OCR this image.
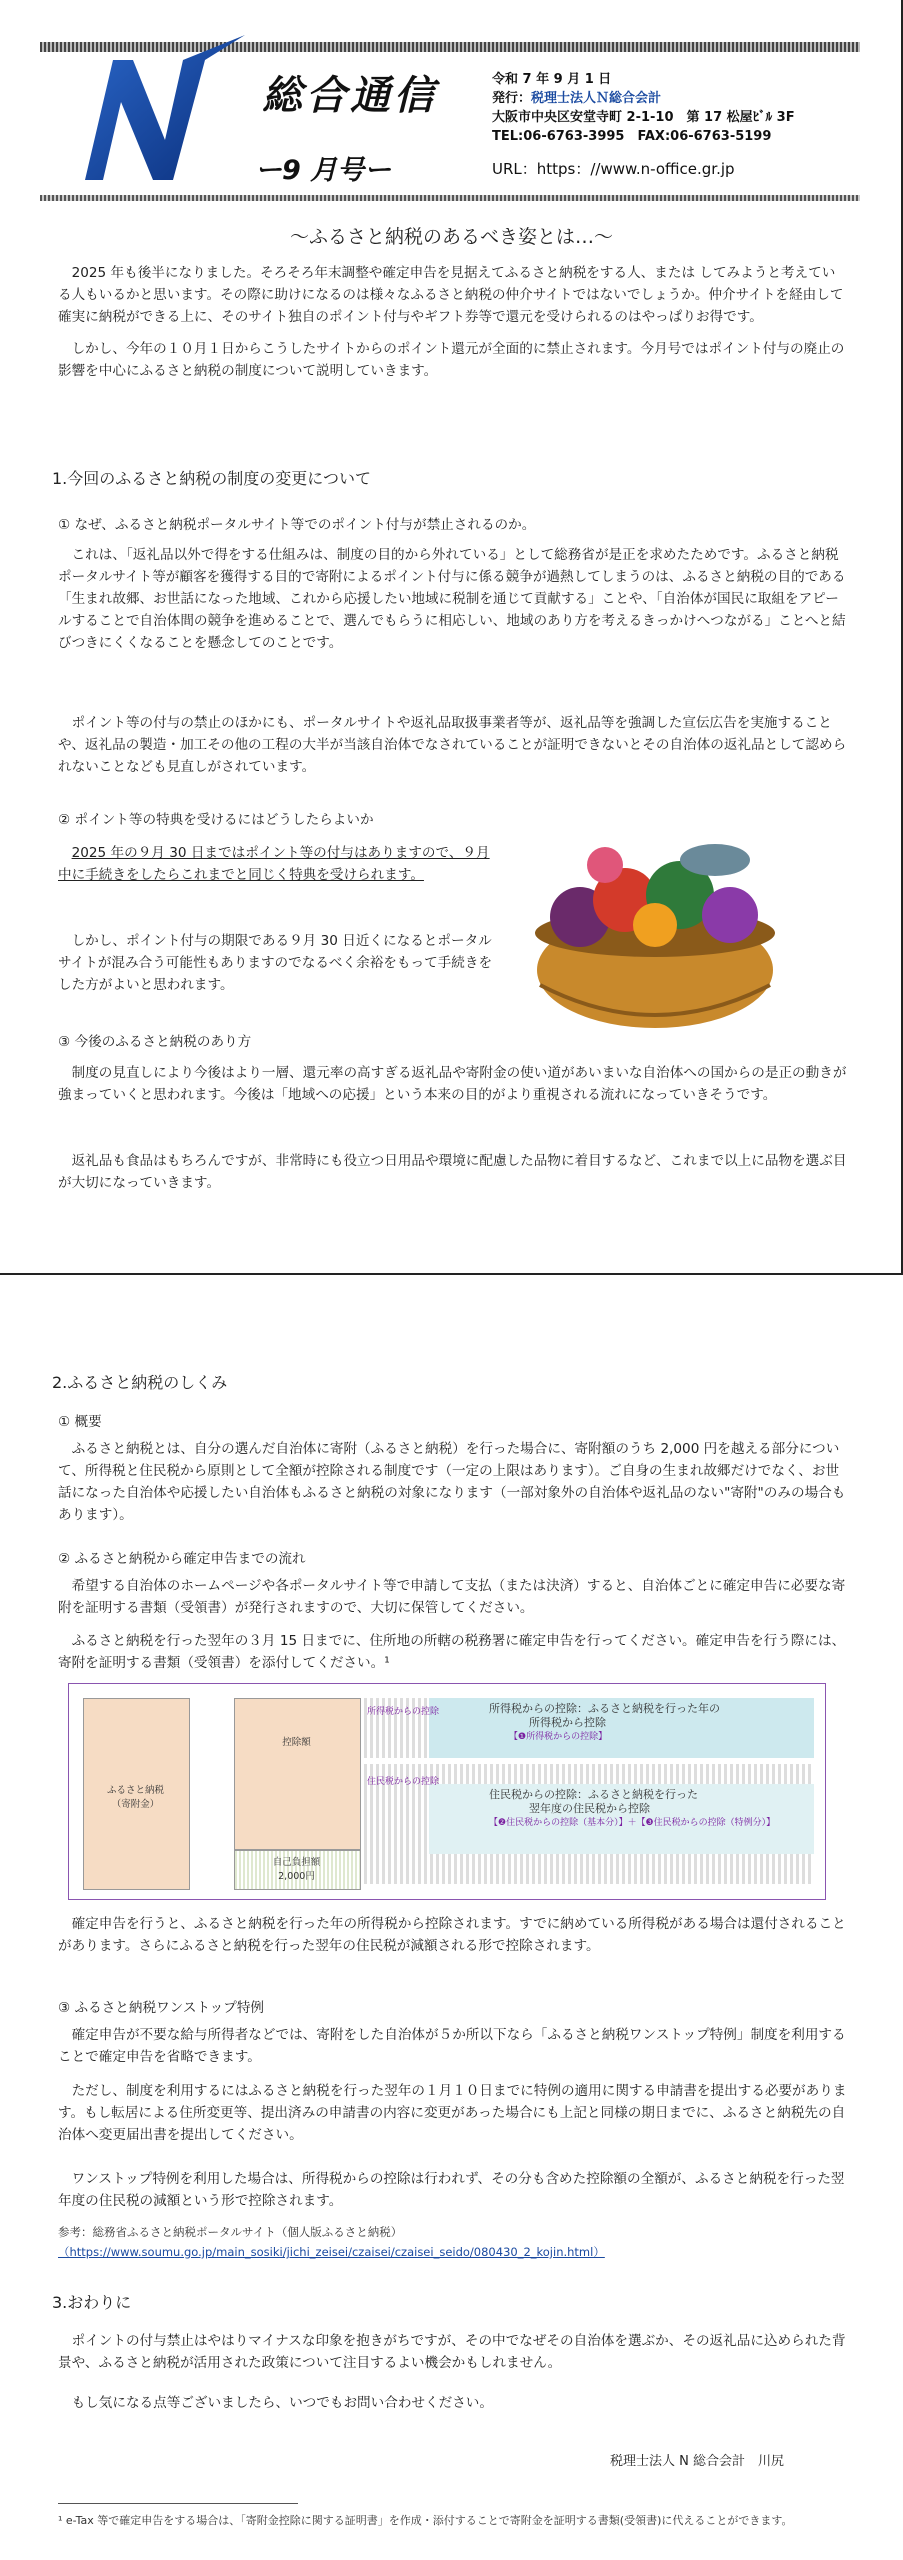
総合通信
ー9 月号ー
令和 7 年 9 月 1 日
発行：税理士法人Ｎ総合会計
大阪市中央区安堂寺町 2-1-10　第 17 松屋ﾋﾞﾙ 3F
TEL:06-6763-3995　FAX:06-6763-5199
URL：https：//www.n-office.gr.jp
～ふるさと納税のあるべき姿とは…～

2025 年も後半になりました。そろそろ年末調整や確定申告を見据えてふるさと納税をする人、または してみようと考えている人もいるかと思います。その際に助けになるのは様々なふるさと納税の仲介サイトではないでしょうか。仲介サイトを経由して確実に納税ができる上に、そのサイト独自のポイント付与やギフト券等で還元を受けられるのはやっぱりお得です。

しかし、今年の１０月１日からこうしたサイトからのポイント還元が全面的に禁止されます。今月号ではポイント付与の廃止の影響を中心にふるさと納税の制度について説明していきます。

1.今回のふるさと納税の制度の変更について
① なぜ、ふるさと納税ポータルサイト等でのポイント付与が禁止されるのか。

これは、「返礼品以外で得をする仕組みは、制度の目的から外れている」として総務省が是正を求めたためです。ふるさと納税ポータルサイト等が顧客を獲得する目的で寄附によるポイント付与に係る競争が過熱してしまうのは、ふるさと納税の目的である「生まれ故郷、お世話になった地域、これから応援したい地域に税制を通じて貢献する」ことや、「自治体が国民に取組をアピールすることで自治体間の競争を進めることで、選んでもらうに相応しい、地域のあり方を考えるきっかけへつながる」ことへと結びつきにくくなることを懸念してのことです。

ポイント等の付与の禁止のほかにも、ポータルサイトや返礼品取扱事業者等が、返礼品等を強調した宣伝広告を実施することや、返礼品の製造・加工その他の工程の大半が当該自治体でなされていることが証明できないとその自治体の返礼品として認められないことなども見直しがされています。

② ポイント等の特典を受けるにはどうしたらよいか

2025 年の９月 30 日まではポイント等の付与はありますので、９月中に手続きをしたらこれまでと同じく特典を受けられます。

しかし、ポイント付与の期限である９月 30 日近くになるとポータルサイトが混み合う可能性もありますのでなるべく余裕をもって手続きをした方がよいと思われます。

③ 今後のふるさと納税のあり方

制度の見直しにより今後はより一層、還元率の高すぎる返礼品や寄附金の使い道があいまいな自治体への国からの是正の動きが強まっていくと思われます。今後は「地域への応援」という本来の目的がより重視される流れになっていきそうです。

返礼品も食品はもちろんですが、非常時にも役立つ日用品や環境に配慮した品物に着目するなど、これまで以上に品物を選ぶ目が大切になっていきます。

2.ふるさと納税のしくみ
① 概要

ふるさと納税とは、自分の選んだ自治体に寄附（ふるさと納税）を行った場合に、寄附額のうち 2,000 円を越える部分について、所得税と住民税から原則として全額が控除される制度です（一定の上限はあります）。ご自身の生まれ故郷だけでなく、お世話になった自治体や応援したい自治体もふるさと納税の対象になります（一部対象外の自治体や返礼品のない"寄附"のみの場合もあります）。

② ふるさと納税から確定申告までの流れ

希望する自治体のホームページや各ポータルサイト等で申請して支払（または決済）すると、自治体ごとに確定申告に必要な寄附を証明する書類（受領書）が発行されますので、大切に保管してください。

ふるさと納税を行った翌年の３月 15 日までに、住所地の所轄の税務署に確定申告を行ってください。確定申告を行う際には、寄附を証明する書類（受領書）を添付してください。¹

ふるさと納税
（寄附金）
控除額
自己負担額
2,000円
所得税からの控除	所得税からの控除：ふるさと納税を行った年の
所得税から控除
【❶所得税からの控除】
住民税からの控除
住民税からの控除：ふるさと納税を行った
翌年度の住民税から控除
【❷住民税からの控除（基本分）】＋【❸住民税からの控除（特例分）】

確定申告を行うと、ふるさと納税を行った年の所得税から控除されます。すでに納めている所得税がある場合は還付されることがあります。さらにふるさと納税を行った翌年の住民税が減額される形で控除されます。

③ ふるさと納税ワンストップ特例

確定申告が不要な給与所得者などでは、寄附をした自治体が５か所以下なら「ふるさと納税ワンストップ特例」制度を利用することで確定申告を省略できます。

ただし、制度を利用するにはふるさと納税を行った翌年の１月１０日までに特例の適用に関する申請書を提出する必要があります。もし転居による住所変更等、提出済みの申請書の内容に変更があった場合にも上記と同様の期日までに、ふるさと納税先の自治体へ変更届出書を提出してください。

ワンストップ特例を利用した場合は、所得税からの控除は行われず、その分も含めた控除額の全額が、ふるさと納税を行った翌年度の住民税の減額という形で控除されます。

参考：総務省ふるさと納税ポータルサイト（個人版ふるさと納税）
（https://www.soumu.go.jp/main_sosiki/jichi_zeisei/czaisei/czaisei_seido/080430_2_kojin.html）
3.おわりに

ポイントの付与禁止はやはりマイナスな印象を抱きがちですが、その中でなぜその自治体を選ぶか、その返礼品に込められた背景や、ふるさと納税が活用された政策について注目するよい機会かもしれません。

もし気になる点等ございましたら、いつでもお問い合わせください。

税理士法人 N 総合会計　川尻
¹ e-Tax 等で確定申告をする場合は、「寄附金控除に関する証明書」を作成・添付することで寄附金を証明する書類(受領書)に代えることができます。
